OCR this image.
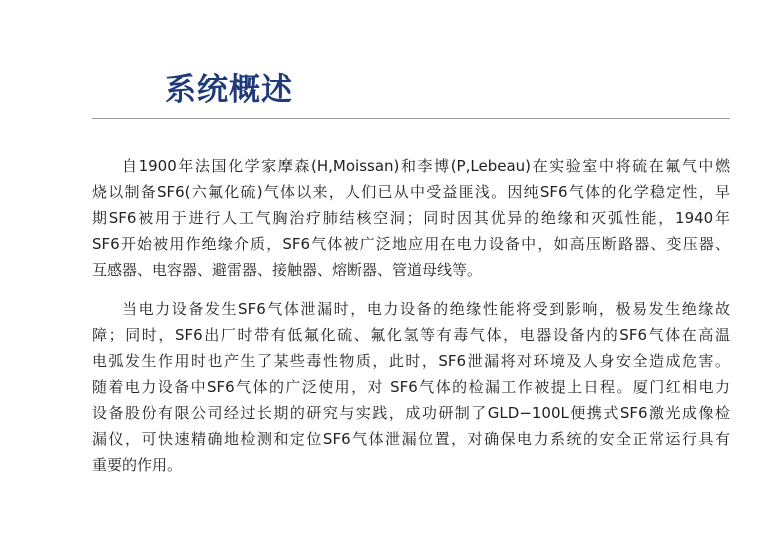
系统概述

自1900年法国化学家摩森(H,Moissan)和李博(P,Lebeau)在实验室中将硫在氟气中燃
烧以制备SF6(六氟化硫)气体以来，人们已从中受益匪浅。因纯SF6气体的化学稳定性，早
期SF6被用于进行人工气胸治疗肺结核空洞；同时因其优异的绝缘和灭弧性能，1940年
SF6开始被用作绝缘介质，SF6气体被广泛地应用在电力设备中，如高压断路器、变压器、
互感器、电容器、避雷器、接触器、熔断器、管道母线等。

当电力设备发生SF6气体泄漏时，电力设备的绝缘性能将受到影响，极易发生绝缘故
障；同时，SF6出厂时带有低氟化硫、氟化氢等有毒气体，电器设备内的SF6气体在高温
电弧发生作用时也产生了某些毒性物质，此时，SF6泄漏将对环境及人身安全造成危害。
随着电力设备中SF6气体的广泛使用，对 SF6气体的检漏工作被提上日程。厦门红相电力
设备股份有限公司经过长期的研究与实践，成功研制了GLD−100L便携式SF6激光成像检
漏仪，可快速精确地检测和定位SF6气体泄漏位置，对确保电力系统的安全正常运行具有
重要的作用。
